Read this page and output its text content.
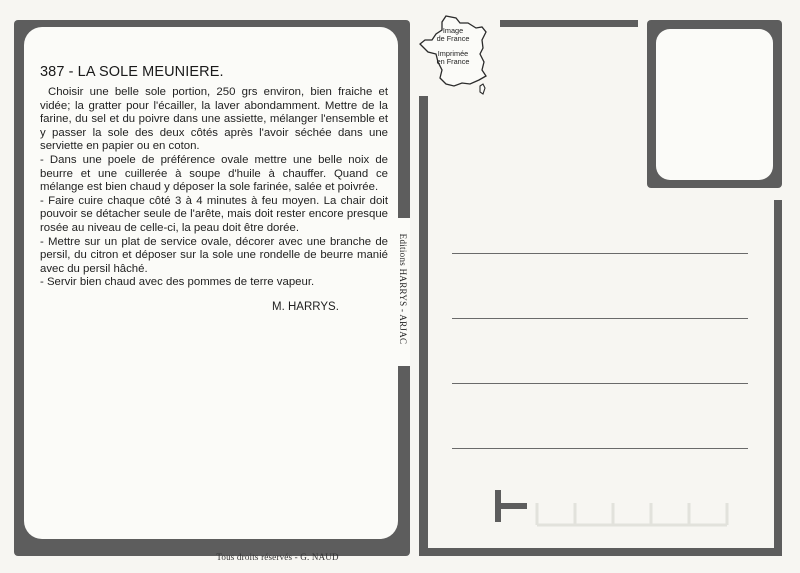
387 - LA SOLE MEUNIERE.

Choisir une belle sole portion, 250 grs environ, bien fraiche et vidée; la gratter pour l'écailler, la laver abondamment. Mettre de la farine, du sel et du poivre dans une assiette, mélanger l'ensemble et y passer la sole des deux côtés après l'avoir séchée dans une serviette en papier ou en coton.

- Dans une poele de préférence ovale mettre une belle noix de beurre et une cuillerée à soupe d'huile à chauffer. Quand ce mélange est bien chaud y déposer la sole farinée, salée et poivrée.

- Faire cuire chaque côté 3 à 4 minutes à feu moyen. La chair doit pouvoir se détacher seule de l'arête, mais doit rester encore presque rosée au niveau de celle-ci, la peau doit être dorée.

- Mettre sur un plat de service ovale, décorer avec une branche de persil, du citron et déposer sur la sole une rondelle de beurre manié avec du persil hâché.

- Servir bien chaud avec des pommes de terre vapeur.

M. HARRYS.	Editions HARRYS - ARJAC
Tous droits réservés - G. NAUD
Image
de France
Imprimée
en France
